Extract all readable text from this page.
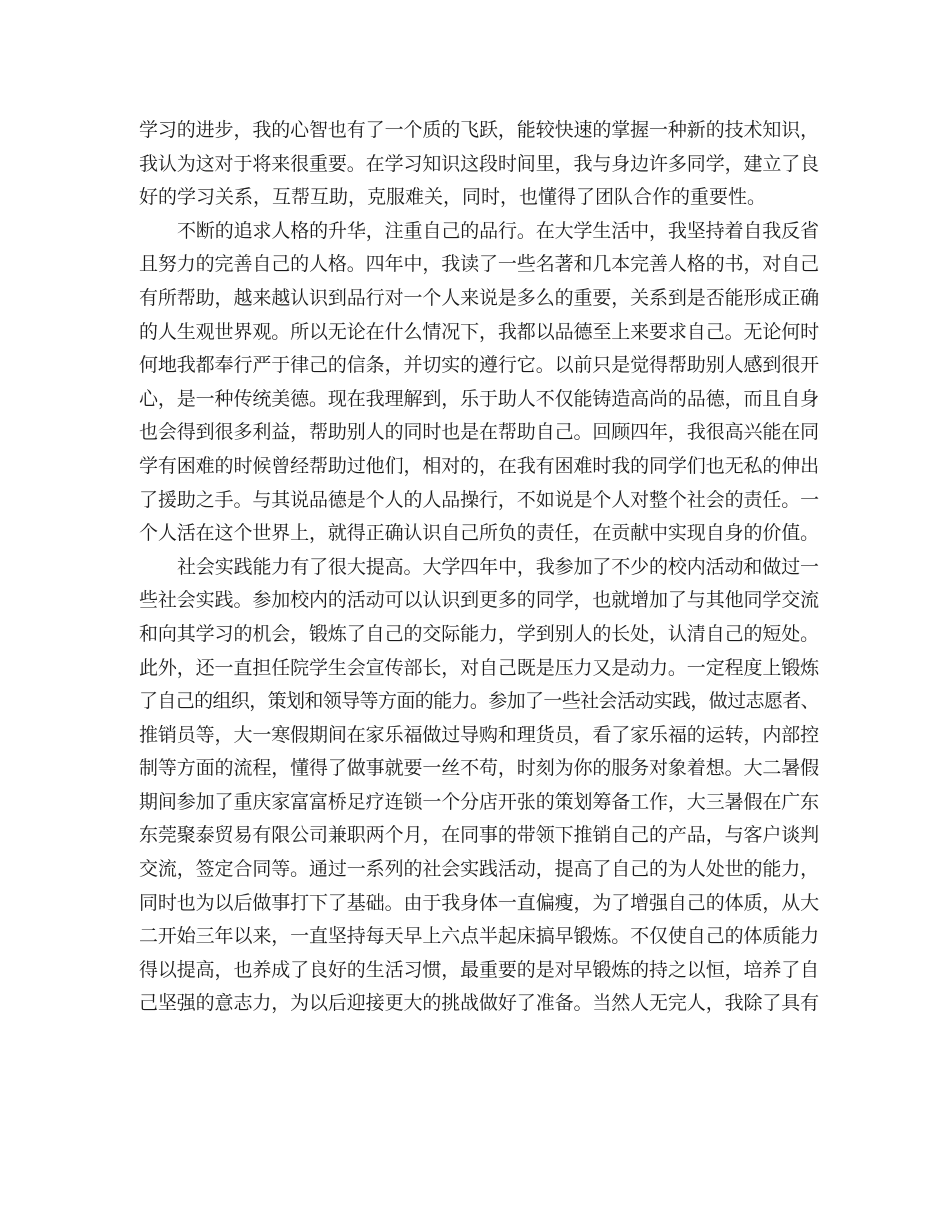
学习的进步，我的心智也有了一个质的飞跃，能较快速的掌握一种新的技术知识，
我认为这对于将来很重要。在学习知识这段时间里，我与身边许多同学，建立了良
好的学习关系，互帮互助，克服难关，同时，也懂得了团队合作的重要性。
不断的追求人格的升华，注重自己的品行。在大学生活中，我坚持着自我反省
且努力的完善自己的人格。四年中，我读了一些名著和几本完善人格的书，对自己
有所帮助，越来越认识到品行对一个人来说是多么的重要，关系到是否能形成正确
的人生观世界观。所以无论在什么情况下，我都以品德至上来要求自己。无论何时
何地我都奉行严于律己的信条，并切实的遵行它。以前只是觉得帮助别人感到很开
心，是一种传统美德。现在我理解到，乐于助人不仅能铸造高尚的品德，而且自身
也会得到很多利益，帮助别人的同时也是在帮助自己。回顾四年，我很高兴能在同
学有困难的时候曾经帮助过他们，相对的，在我有困难时我的同学们也无私的伸出
了援助之手。与其说品德是个人的人品操行，不如说是个人对整个社会的责任。一
个人活在这个世界上，就得正确认识自己所负的责任，在贡献中实现自身的价值。
社会实践能力有了很大提高。大学四年中，我参加了不少的校内活动和做过一
些社会实践。参加校内的活动可以认识到更多的同学，也就增加了与其他同学交流
和向其学习的机会，锻炼了自己的交际能力，学到别人的长处，认清自己的短处。
此外，还一直担任院学生会宣传部长，对自己既是压力又是动力。一定程度上锻炼
了自己的组织，策划和领导等方面的能力。参加了一些社会活动实践，做过志愿者、
推销员等，大一寒假期间在家乐福做过导购和理货员，看了家乐福的运转，内部控
制等方面的流程，懂得了做事就要一丝不苟，时刻为你的服务对象着想。大二暑假
期间参加了重庆家富富桥足疗连锁一个分店开张的策划筹备工作，大三暑假在广东
东莞聚泰贸易有限公司兼职两个月，在同事的带领下推销自己的产品，与客户谈判
交流，签定合同等。通过一系列的社会实践活动，提高了自己的为人处世的能力，
同时也为以后做事打下了基础。由于我身体一直偏瘦，为了增强自己的体质，从大
二开始三年以来，一直坚持每天早上六点半起床搞早锻炼。不仅使自己的体质能力
得以提高，也养成了良好的生活习惯，最重要的是对早锻炼的持之以恒，培养了自
己坚强的意志力，为以后迎接更大的挑战做好了准备。当然人无完人，我除了具有
